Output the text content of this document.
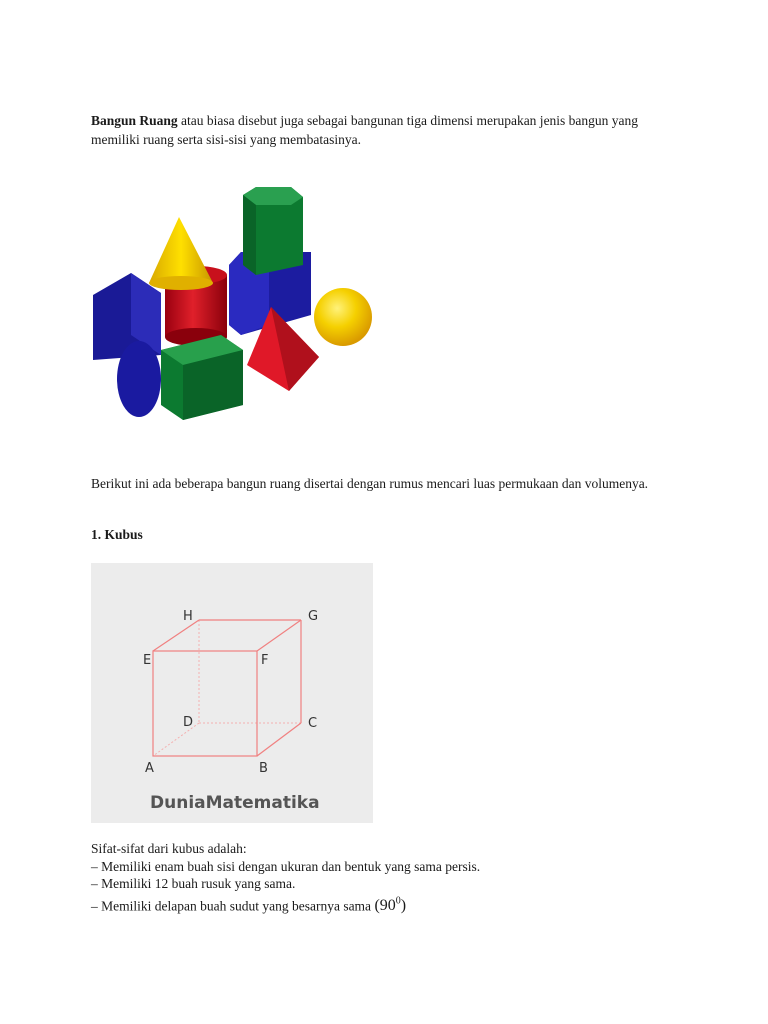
Bangun Ruang atau biasa disebut juga sebagai bangunan tiga dimensi merupakan jenis bangun yang memiliki ruang serta sisi-sisi yang membatasinya.
Berikut ini ada beberapa bangun ruang disertai dengan rumus mencari luas permukaan dan volumenya.
1. Kubus
H	G
E	F
D	C
A	B
DuniaMatematika
Sifat-sifat dari kubus adalah:
– Memiliki enam buah sisi dengan ukuran dan bentuk yang sama persis.
– Memiliki 12 buah rusuk yang sama.
– Memiliki delapan buah sudut yang besarnya sama $(90^0)$
